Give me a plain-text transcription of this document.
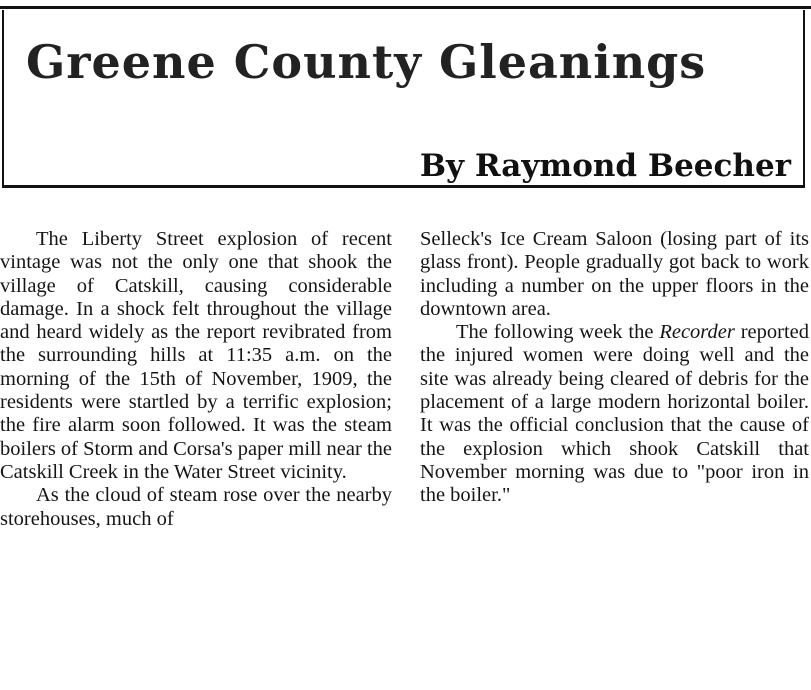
Greene County Gleanings
By Raymond Beecher

The Liberty Street explosion of recent vintage was not the only one that shook the village of Catskill, causing considerable damage. In a shock felt throughout the village and heard widely as the report revibrated from the surrounding hills at 11:35 a.m. on the morning of the 15th of November, 1909, the residents were startled by a terrific explosion; the fire alarm soon followed. It was the steam boilers of Storm and Corsa's paper mill near the Catskill Creek in the Water Street vicinity.

As the cloud of steam rose over the nearby storehouses, much of

Selleck's Ice Cream Saloon (losing part of its glass front). People gradually got back to work including a number on the upper floors in the downtown area.

The following week the Recorder reported the injured women were doing well and the site was already being cleared of debris for the placement of a large modern horizontal boiler. It was the official conclusion that the cause of the explosion which shook Catskill that November morning was due to "poor iron in the boiler."
